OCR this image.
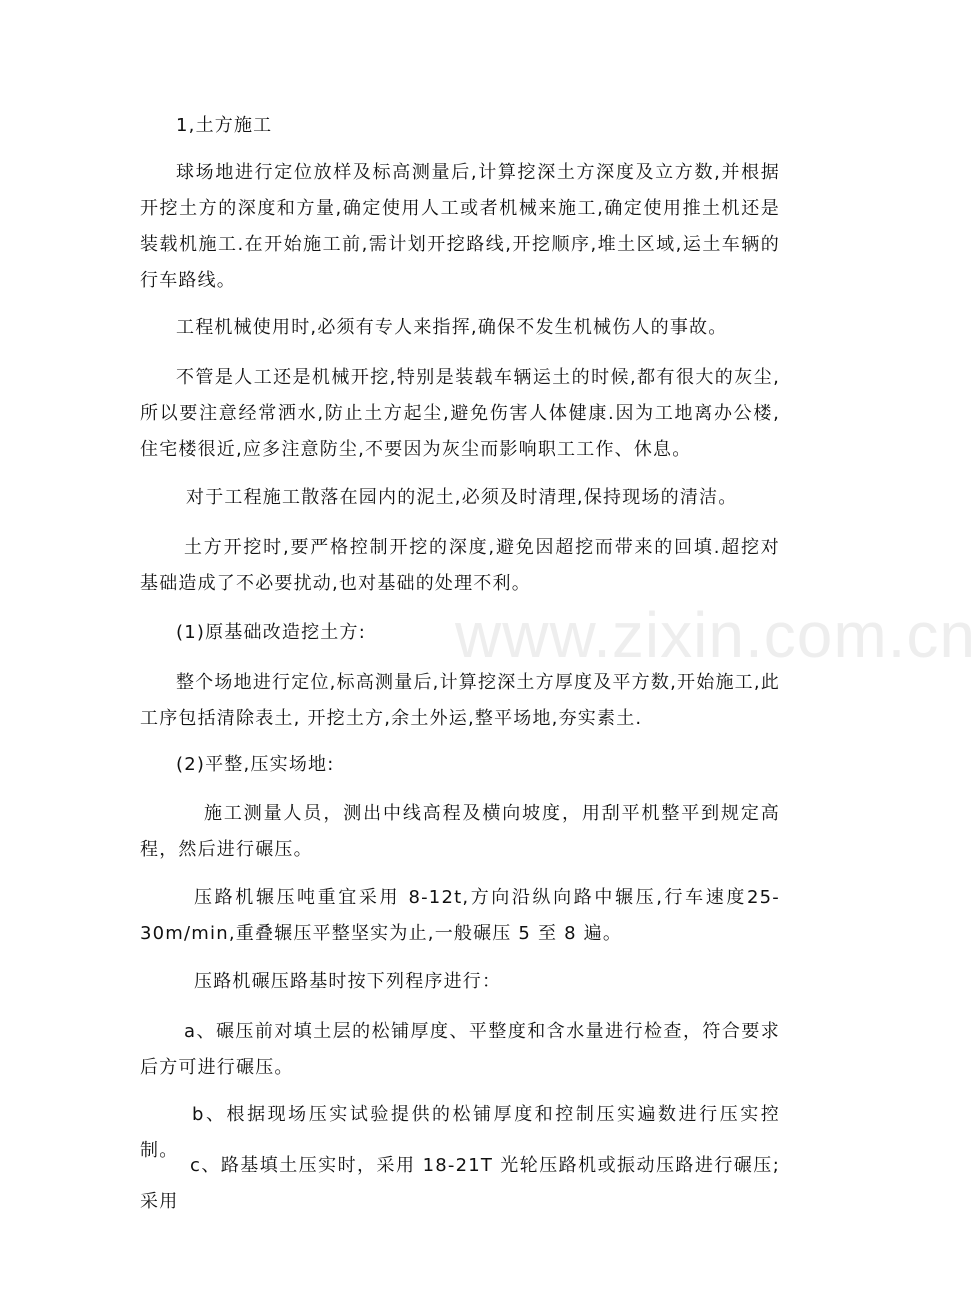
www.zixin.com.cn

1,土方施工

球场地进行定位放样及标高测量后,计算挖深土方深度及立方数,并根据开挖土方的深度和方量,确定使用人工或者机械来施工,确定使用推土机还是装载机施工.在开始施工前,需计划开挖路线,开挖顺序,堆土区域,运土车辆的行车路线。

工程机械使用时,必须有专人来指挥,确保不发生机械伤人的事故。

不管是人工还是机械开挖,特别是装载车辆运土的时候,都有很大的灰尘,所以要注意经常洒水,防止土方起尘,避免伤害人体健康.因为工地离办公楼,住宅楼很近,应多注意防尘,不要因为灰尘而影响职工工作、休息。

对于工程施工散落在园内的泥土,必须及时清理,保持现场的清洁。

土方开挖时,要严格控制开挖的深度,避免因超挖而带来的回填.超挖对基础造成了不必要扰动,也对基础的处理不利。

(1)原基础改造挖土方:

整个场地进行定位,标高测量后,计算挖深土方厚度及平方数,开始施工,此工序包括清除表土, 开挖土方,余土外运,整平场地,夯实素土.

(2)平整,压实场地:

施工测量人员，测出中线高程及横向坡度，用刮平机整平到规定高程，然后进行碾压。

压路机辗压吨重宜采用 8-12t,方向沿纵向路中辗压,行车速度25-30m/min,重叠辗压平整坚实为止,一般碾压 5 至 8 遍。

压路机碾压路基时按下列程序进行：

a、碾压前对填土层的松铺厚度、平整度和含水量进行检查，符合要求后方可进行碾压。

b、根据现场压实试验提供的松铺厚度和控制压实遍数进行压实控制。

c、路基填土压实时，采用 18-21T 光轮压路机或振动压路进行碾压; 采用
